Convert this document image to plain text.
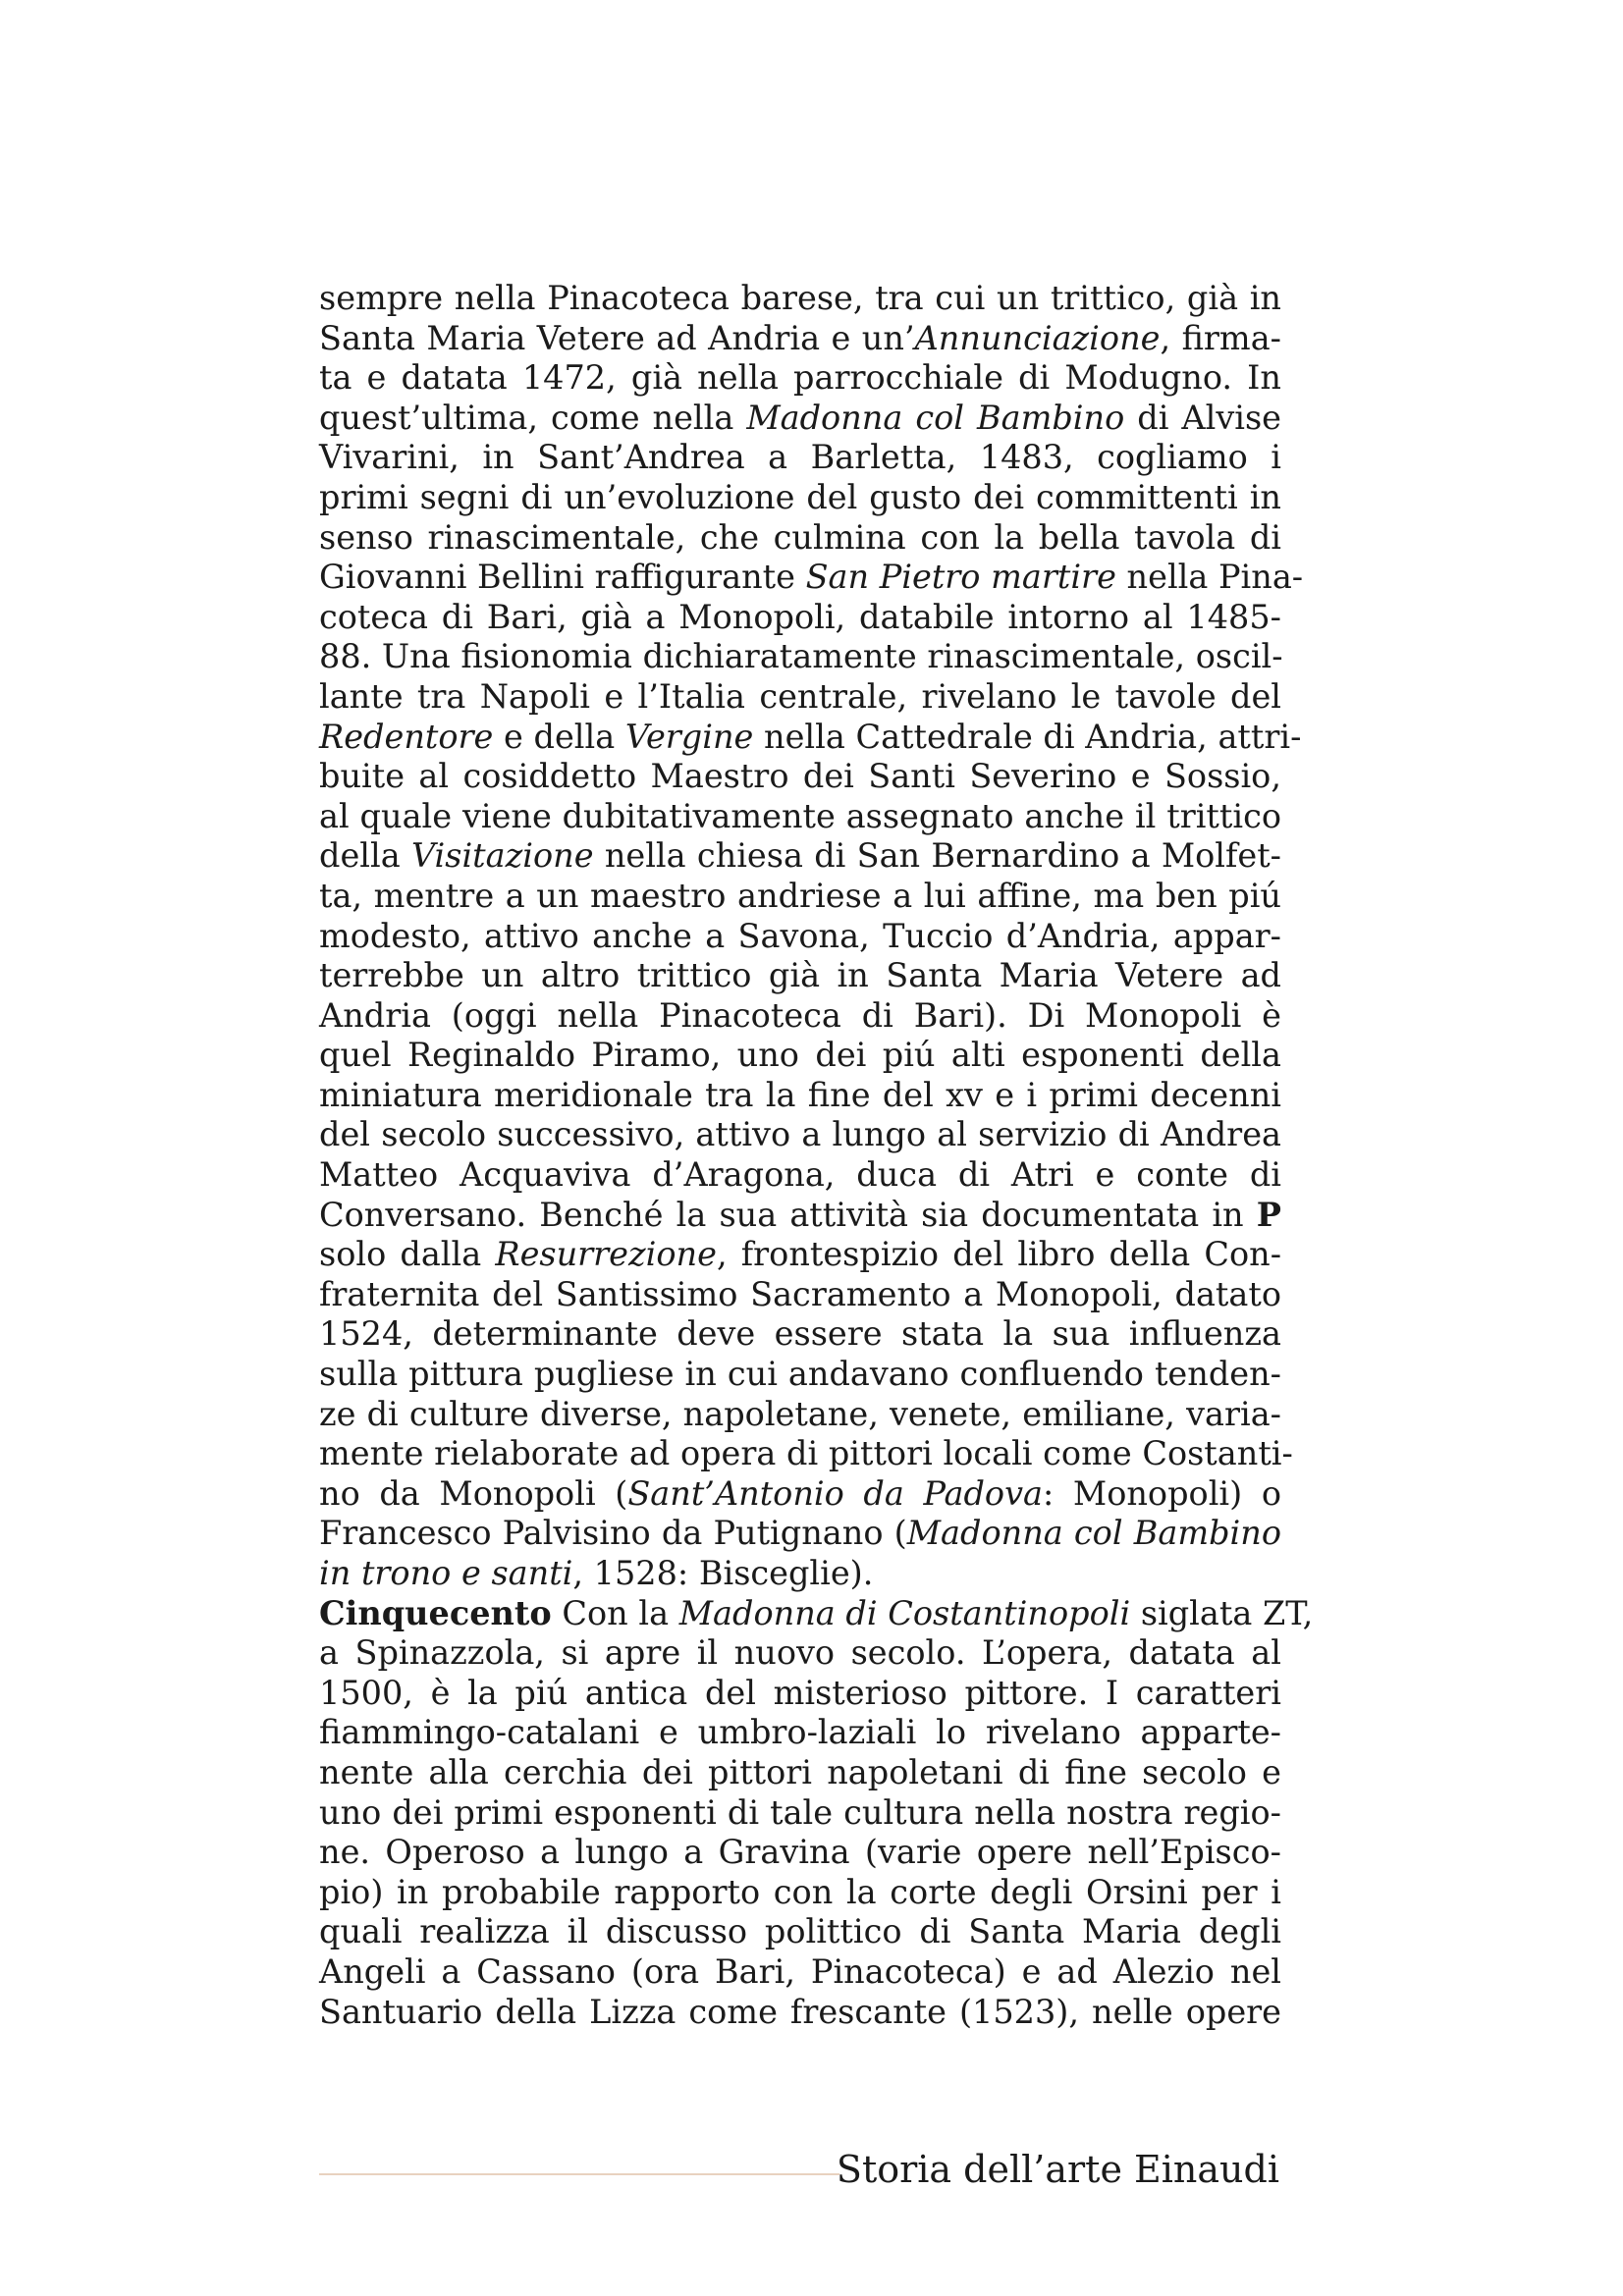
sempre nella Pinacoteca barese, tra cui un trittico, già in
Santa Maria Vetere ad Andria e un’Annunciazione, firma-
ta e datata 1472, già nella parrocchiale di Modugno. In
quest’ultima, come nella Madonna col Bambino di Alvise
Vivarini, in Sant’Andrea a Barletta, 1483, cogliamo i
primi segni di un’evoluzione del gusto dei committenti in
senso rinascimentale, che culmina con la bella tavola di
Giovanni Bellini raffigurante San Pietro martire nella Pina-
coteca di Bari, già a Monopoli, databile intorno al 1485-
88. Una fisionomia dichiaratamente rinascimentale, oscil-
lante tra Napoli e l’Italia centrale, rivelano le tavole del
Redentore e della Vergine nella Cattedrale di Andria, attri-
buite al cosiddetto Maestro dei Santi Severino e Sossio,
al quale viene dubitativamente assegnato anche il trittico
della Visitazione nella chiesa di San Bernardino a Molfet-
ta, mentre a un maestro andriese a lui affine, ma ben piú
modesto, attivo anche a Savona, Tuccio d’Andria, appar-
terrebbe un altro trittico già in Santa Maria Vetere ad
Andria (oggi nella Pinacoteca di Bari). Di Monopoli è
quel Reginaldo Piramo, uno dei piú alti esponenti della
miniatura meridionale tra la fine del xv e i primi decenni
del secolo successivo, attivo a lungo al servizio di Andrea
Matteo Acquaviva d’Aragona, duca di Atri e conte di
Conversano. Benché la sua attività sia documentata in P
solo dalla Resurrezione, frontespizio del libro della Con-
fraternita del Santissimo Sacramento a Monopoli, datato
1524, determinante deve essere stata la sua influenza
sulla pittura pugliese in cui andavano confluendo tenden-
ze di culture diverse, napoletane, venete, emiliane, varia-
mente rielaborate ad opera di pittori locali come Costanti-
no da Monopoli (Sant’Antonio da Padova: Monopoli) o
Francesco Palvisino da Putignano (Madonna col Bambino
in trono e santi, 1528: Bisceglie).
Cinquecento Con la Madonna di Costantinopoli siglata ZT,
a Spinazzola, si apre il nuovo secolo. L’opera, datata al
1500, è la piú antica del misterioso pittore. I caratteri
fiammingo-catalani e umbro-laziali lo rivelano apparte-
nente alla cerchia dei pittori napoletani di fine secolo e
uno dei primi esponenti di tale cultura nella nostra regio-
ne. Operoso a lungo a Gravina (varie opere nell’Episco-
pio) in probabile rapporto con la corte degli Orsini per i
quali realizza il discusso polittico di Santa Maria degli
Angeli a Cassano (ora Bari, Pinacoteca) e ad Alezio nel
Santuario della Lizza come frescante (1523), nelle opere
Storia dell’arte Einaudi
